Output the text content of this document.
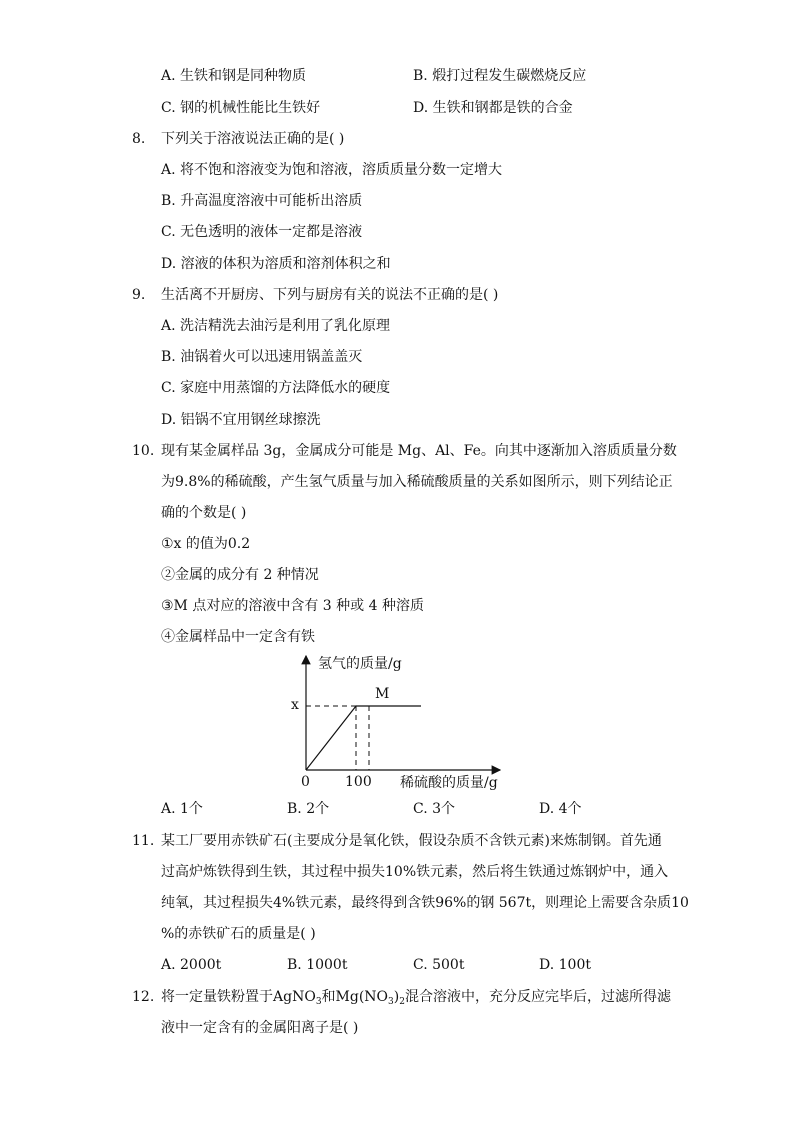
A. 生铁和钢是同种物质	B. 煅打过程发生碳燃烧反应
C. 钢的机械性能比生铁好	D. 生铁和钢都是铁的合金
8. 下列关于溶液说法正确的是( )
A. 将不饱和溶液变为饱和溶液，溶质质量分数一定增大
B. 升高温度溶液中可能析出溶质
C. 无色透明的液体一定都是溶液
D. 溶液的体积为溶质和溶剂体积之和
9. 生活离不开厨房、下列与厨房有关的说法不正确的是( )
A. 洗洁精洗去油污是利用了乳化原理
B. 油锅着火可以迅速用锅盖盖灭
C. 家庭中用蒸馏的方法降低水的硬度
D. 铝锅不宜用钢丝球擦洗
10. 现有某金属样品 3g，金属成分可能是 Mg、Al、Fe。向其中逐渐加入溶质质量分数
为9.8%的稀硫酸，产生氢气质量与加入稀硫酸质量的关系如图所示，则下列结论正
确的个数是( )
①x 的值为0.2
②金属的成分有 2 种情况
③M 点对应的溶液中含有 3 种或 4 种溶质
④金属样品中一定含有铁
氢气的质量/g
稀硫酸的质量/g
0	100
x
M
A. 1个	B. 2个	C. 3个	D. 4个
11. 某工厂要用赤铁矿石(主要成分是氧化铁，假设杂质不含铁元素)来炼制钢。首先通
过高炉炼铁得到生铁，其过程中损失10%铁元素，然后将生铁通过炼钢炉中，通入
纯氧，其过程损失4%铁元素，最终得到含铁96%的钢 567t，则理论上需要含杂质10
%的赤铁矿石的质量是( )
A. 2000t	B. 1000t	C. 500t	D. 100t
12. 将一定量铁粉置于AgNO$_3$和$Mg(NO_3)_2$混合溶液中，充分反应完毕后，过滤所得滤
液中一定含有的金属阳离子是( )
